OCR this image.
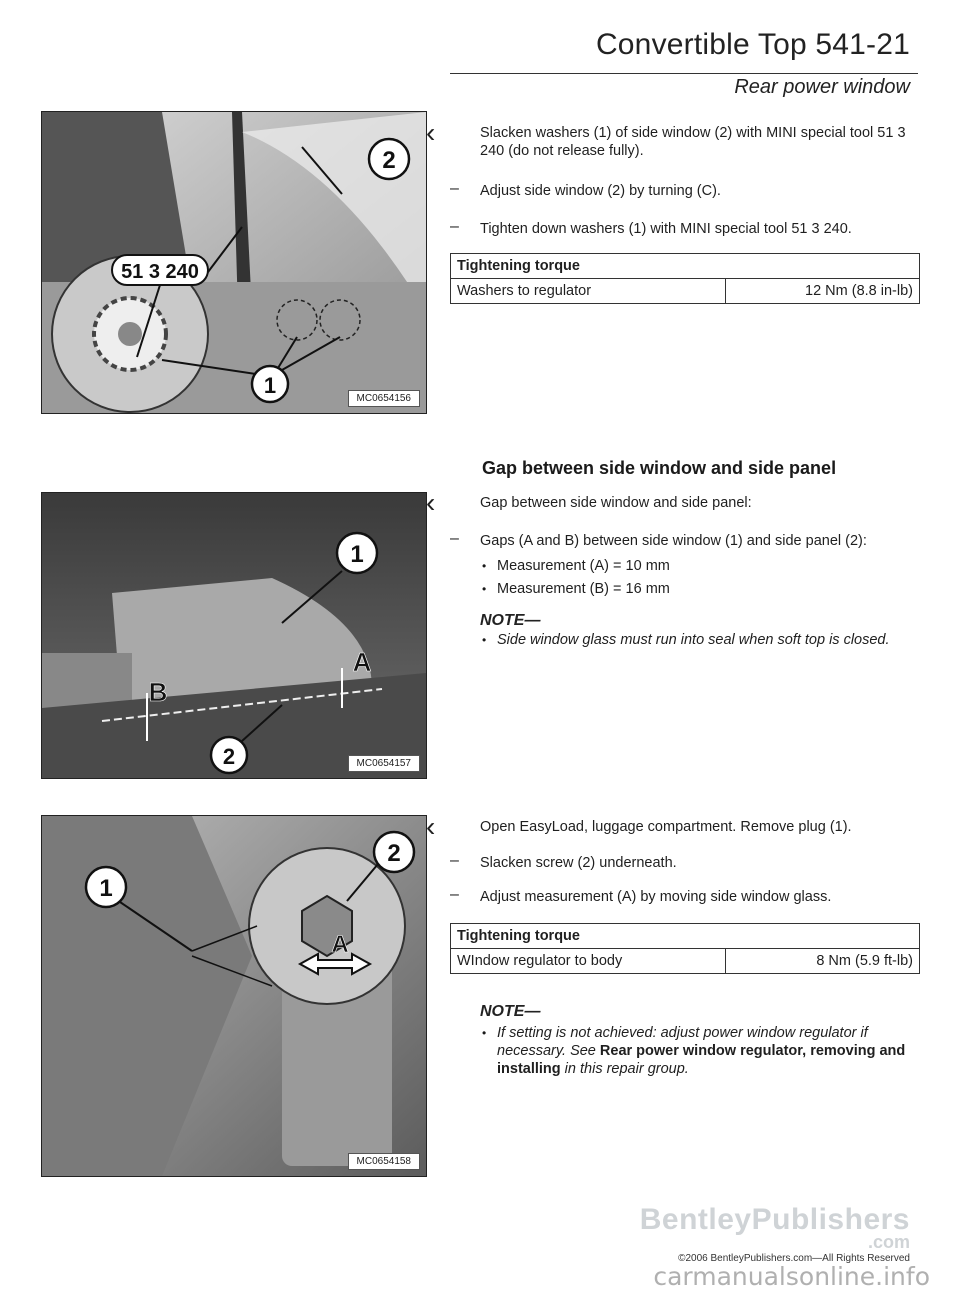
Convertible Top 541-21
Rear power window
2
51 3 240
1
MC0654156
‹	Slacken washers (1) of side window (2) with MINI special tool 51 3 240 (do not release fully).
– Adjust side window (2) by turning (C).
– Tighten down washers (1) with MINI special tool 51 3 240.
Tightening torque
Washers to regulator	12 Nm (8.8 in-lb)
Gap between side window and side panel
1
A
B
2	MC0654157
‹	Gap between side window and side panel:
– Gaps (A and B) between side window (1) and side panel (2):
• Measurement (A) = 10 mm
• Measurement (B) = 16 mm
NOTE—
• Side window glass must run into seal when soft top is closed.
2
1
A
MC0654158
‹	Open EasyLoad, luggage compartment. Remove plug (1).
– Slacken screw (2) underneath.
– Adjust measurement (A) by moving side window glass.
Tightening torque
WIndow regulator to body	8 Nm (5.9 ft-lb)
NOTE—
• If setting is not achieved: adjust power window regulator if necessary. See Rear power window regulator, removing and installing in this repair group.
BentleyPublishers
.com
©2006 BentleyPublishers.com—All Rights Reserved
carmanualsonline.info
